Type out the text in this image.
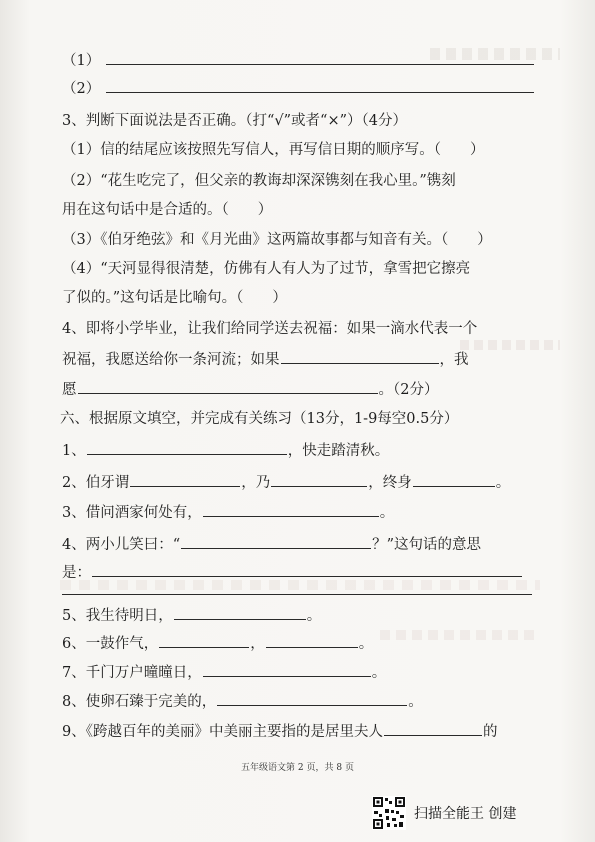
（1）
（2）
3、判断下面说法是否正确。（打“√”或者“×”）（4分）
（1）信的结尾应该按照先写信人，再写信日期的顺序写。（　　）
（2）“花生吃完了，但父亲的教诲却深深镌刻在我心里。”镌刻
用在这句话中是合适的。（　　）
（3）《伯牙绝弦》和《月光曲》这两篇故事都与知音有关。（　　）
（4）“天河显得很清楚，仿佛有人有人为了过节，拿雪把它擦亮
了似的。”这句话是比喻句。（　　）
4、即将小学毕业，让我们给同学送去祝福：如果一滴水代表一个
祝福，我愿送给你一条河流；如果	，我
愿	。（2分）
六、根据原文填空，并完成有关练习（13分，1-9每空0.5分）
1、	，快走踏清秋。
2、伯牙谓	，乃	，终身	。
3、借问酒家何处有，	。
4、两小儿笑曰：“	？”这句话的意思
是：
5、我生待明日，	。
6、一鼓作气，	，	。
7、千门万户曈曈日，	。
8、使卵石臻于完美的，	。
9、《跨越百年的美丽》中美丽主要指的是居里夫人	的
五年级语文第 2 页，共 8 页
扫描全能王 创建
